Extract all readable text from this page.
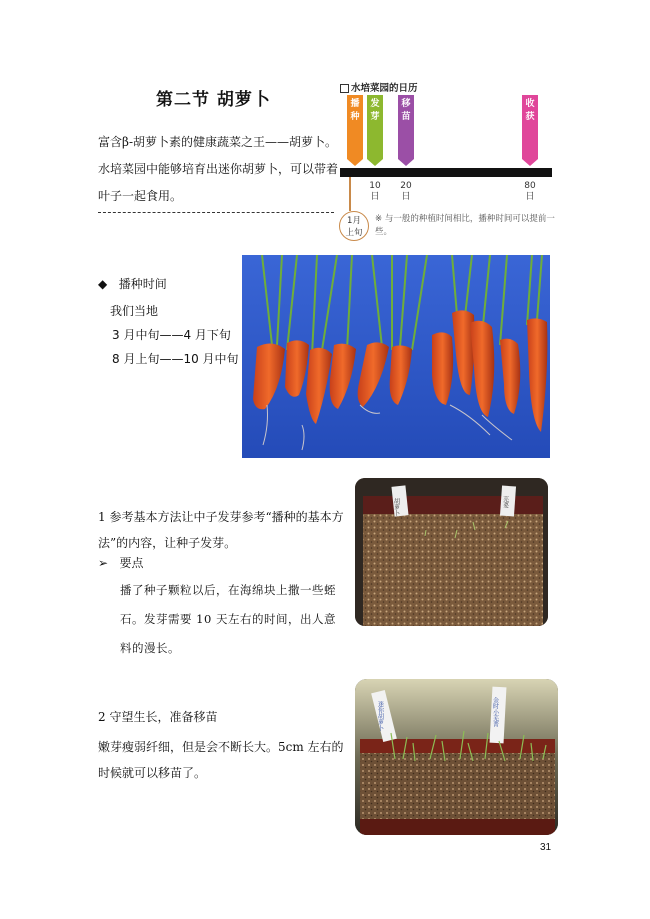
第二节 胡萝卜
富含β-胡萝卜素的健康蔬菜之王——胡萝卜。
水培菜园中能够培育出迷你胡萝卜，可以带着
叶子一起食用。
水培菜园的日历
播种
发芽
移苗
收获
10
日
20
日
80
日
1月
上旬
※ 与一般的种植时间相比，播种时间可以提前一些。
◆ 播种时间
我们当地
3 月中旬——4 月下旬
8 月上旬——10 月中旬
1 参考基本方法让中子发芽参考“播种的基本方法”的内容，让种子发芽。
➢ 要点
播了种子颗粒以后，在海绵块上撒一些蛭石。发芽需要 10 天左右的时间，出人意料的漫长。
胡萝卜	芫荽
2 守望生长，准备移苗
嫩芽瘦弱纤细，但是会不断长大。5cm 左右的时候就可以移苗了。
迷你胡萝卜	金时小芜菁
31
